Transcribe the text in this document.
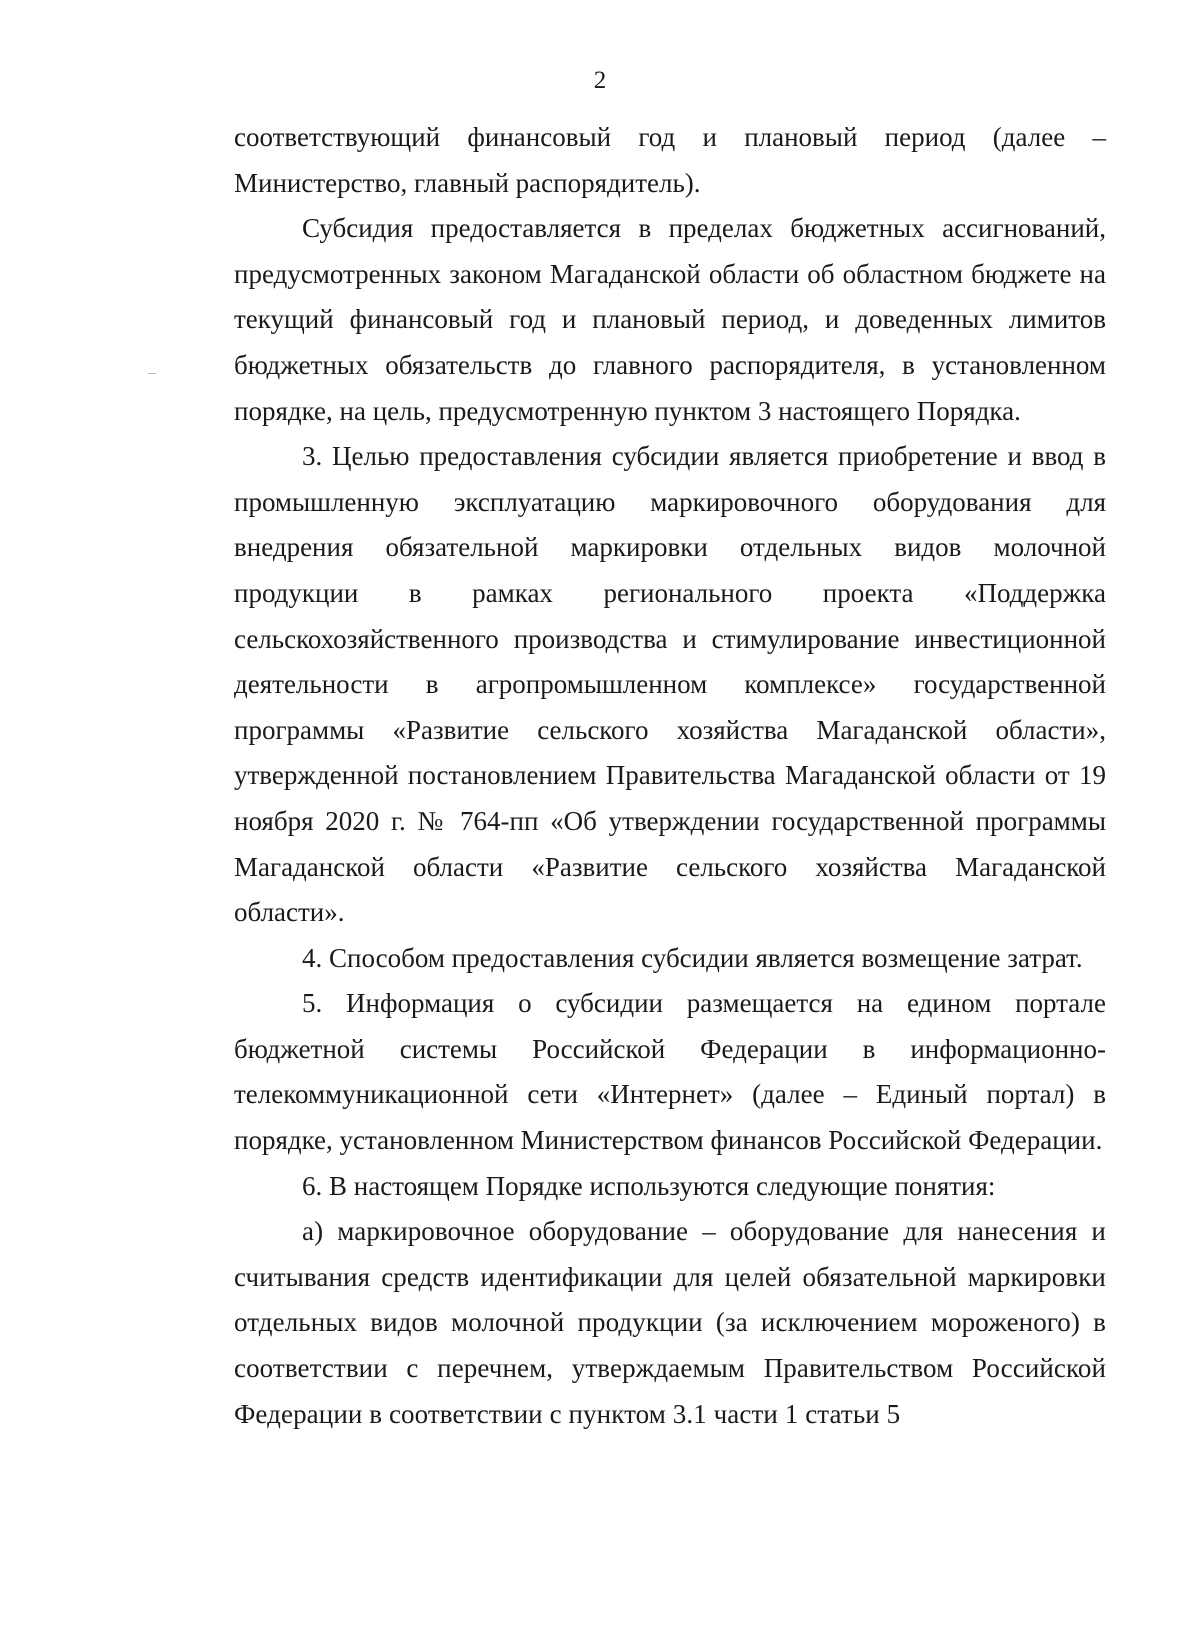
2

соответствующий финансовый год и плановый период (далее – Министерство, главный распорядитель).

Субсидия предоставляется в пределах бюджетных ассигнований, предусмотренных законом Магаданской области об областном бюджете на текущий финансовый год и плановый период, и доведенных лимитов бюджетных обязательств до главного распорядителя, в установленном порядке, на цель, предусмотренную пунктом 3 настоящего Порядка.

3. Целью предоставления субсидии является приобретение и ввод в промышленную эксплуатацию маркировочного оборудования для внедрения обязательной маркировки отдельных видов молочной продукции в рамках регионального проекта «Поддержка сельскохозяйственного производства и стимулирование инвестиционной деятельности в агропромышленном комплексе» государственной программы «Развитие сельского хозяйства Магаданской области», утвержденной постановлением Правительства Магаданской области от 19 ноября 2020 г. № 764-пп «Об утверждении государственной программы Магаданской области «Развитие сельского хозяйства Магаданской области».

4. Способом предоставления субсидии является возмещение затрат.

5. Информация о субсидии размещается на едином портале бюджетной системы Российской Федерации в информационно-телекоммуникационной сети «Интернет» (далее – Единый портал) в порядке, установленном Министерством финансов Российской Федерации.

6. В настоящем Порядке используются следующие понятия:

а) маркировочное оборудование – оборудование для нанесения и считывания средств идентификации для целей обязательной маркировки отдельных видов молочной продукции (за исключением мороженого) в соответствии с перечнем, утверждаемым Правительством Российской Федерации в соответствии с пунктом 3.1 части 1 статьи 5
